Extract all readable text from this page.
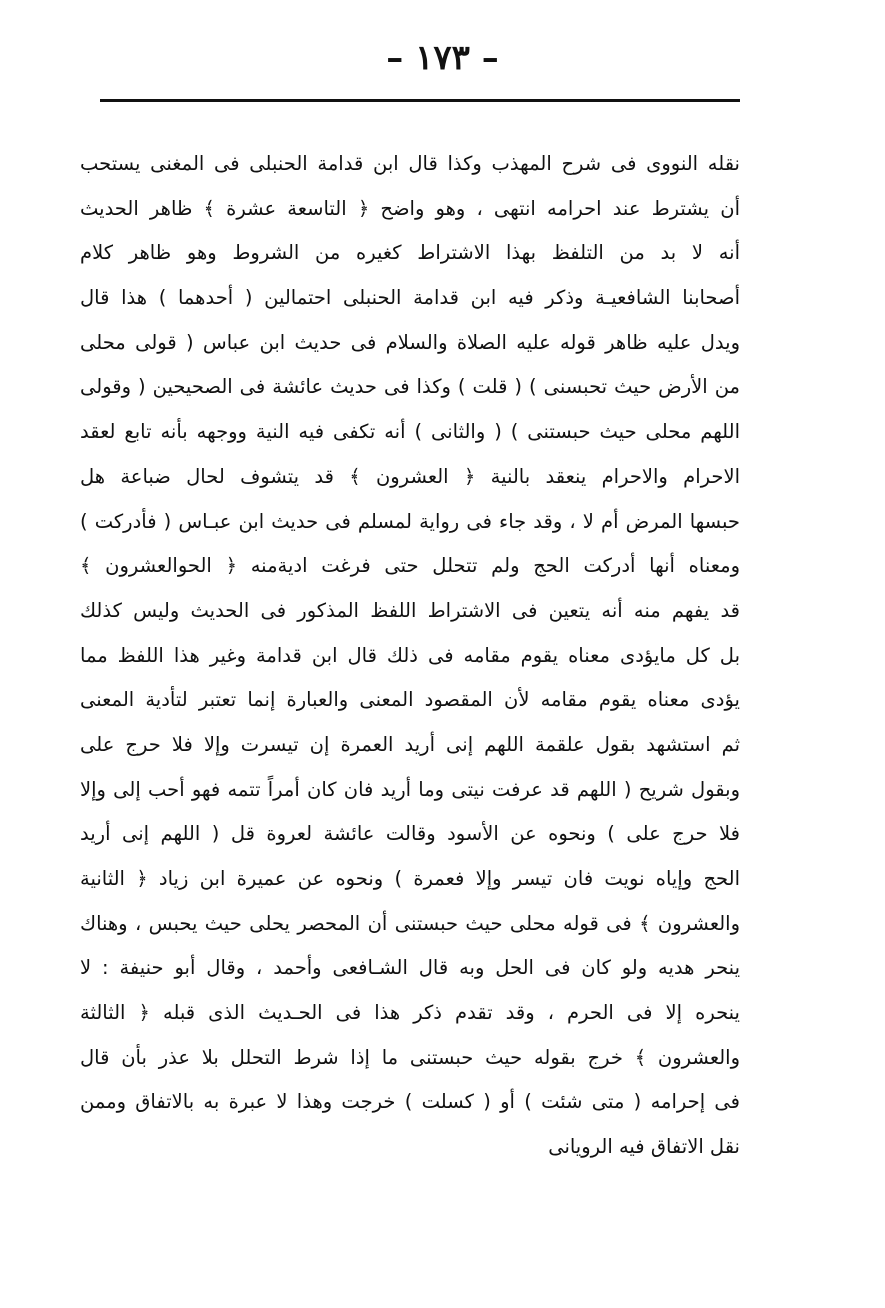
– ١٧٣ –
نقله النووى فى شرح المهذب وكذا قال ابن قدامة الحنبلى فى المغنى يستحب
أن يشترط عند احرامه انتهى ، وهو واضح ﴿ التاسعة عشرة ﴾ ظاهر الحديث
أنه لا بد من التلفظ بهذا الاشتراط كغيره من الشروط وهو ظاهر كلام
أصحابنا الشافعيـة وذكر فيه ابن قدامة الحنبلى احتمالين ( أحدهما ) هذا قال
ويدل عليه ظاهر قوله عليه الصلاة والسلام فى حديث ابن عباس ( قولى محلى
من الأرض حيث تحبسنى ) ( قلت ) وكذا فى حديث عائشة فى الصحيحين ( وقولى
اللهم محلى حيث حبستنى ) ( والثانى ) أنه تكفى فيه النية ووجهه بأنه تابع لعقد
الاحرام والاحرام ينعقد بالنية ﴿ العشرون ﴾ قد يتشوف لحال ضباعة هل
حبسها المرض أم لا ، وقد جاء فى رواية لمسلم فى حديث ابن عبـاس ( فأدركت )
ومعناه أنها أدركت الحج ولم تتحلل حتى فرغت اديةمنه ﴿ الحوالعشرون ﴾
قد يفهم منه أنه يتعين فى الاشتراط اللفظ المذكور فى الحديث وليس كذلك
بل كل مايؤدى معناه يقوم مقامه فى ذلك قال ابن قدامة وغير هذا اللفظ مما
يؤدى معناه يقوم مقامه لأن المقصود المعنى والعبارة إنما تعتبر لتأدية المعنى
ثم استشهد بقول علقمة اللهم إنى أريد العمرة إن تيسرت وإلا فلا حرج على
وبقول شريح ( اللهم قد عرفت نيتى وما أريد فان كان أمراً تتمه فهو أحب إلى وإلا
فلا حرج على ) ونحوه عن الأسود وقالت عائشة لعروة قل ( اللهم إنى أريد
الحج وإياه نويت فان تيسر وإلا فعمرة ) ونحوه عن عميرة ابن زياد ﴿ الثانية
والعشرون ﴾ فى قوله محلى حيث حبستنى أن المحصر يحلى حيث يحبس ، وهناك
ينحر هديه ولو كان فى الحل وبه قال الشـافعى وأحمد ، وقال أبو حنيفة : لا
ينحره إلا فى الحرم ، وقد تقدم ذكر هذا فى الحـديث الذى قبله ﴿ الثالثة
والعشرون ﴾ خرج بقوله حيث حبستنى ما إذا شرط التحلل بلا عذر بأن قال
فى إحرامه ( متى شئت ) أو ( كسلت ) خرجت وهذا لا عبرة به بالاتفاق وممن
نقل الاتفاق فيه الرويانى
